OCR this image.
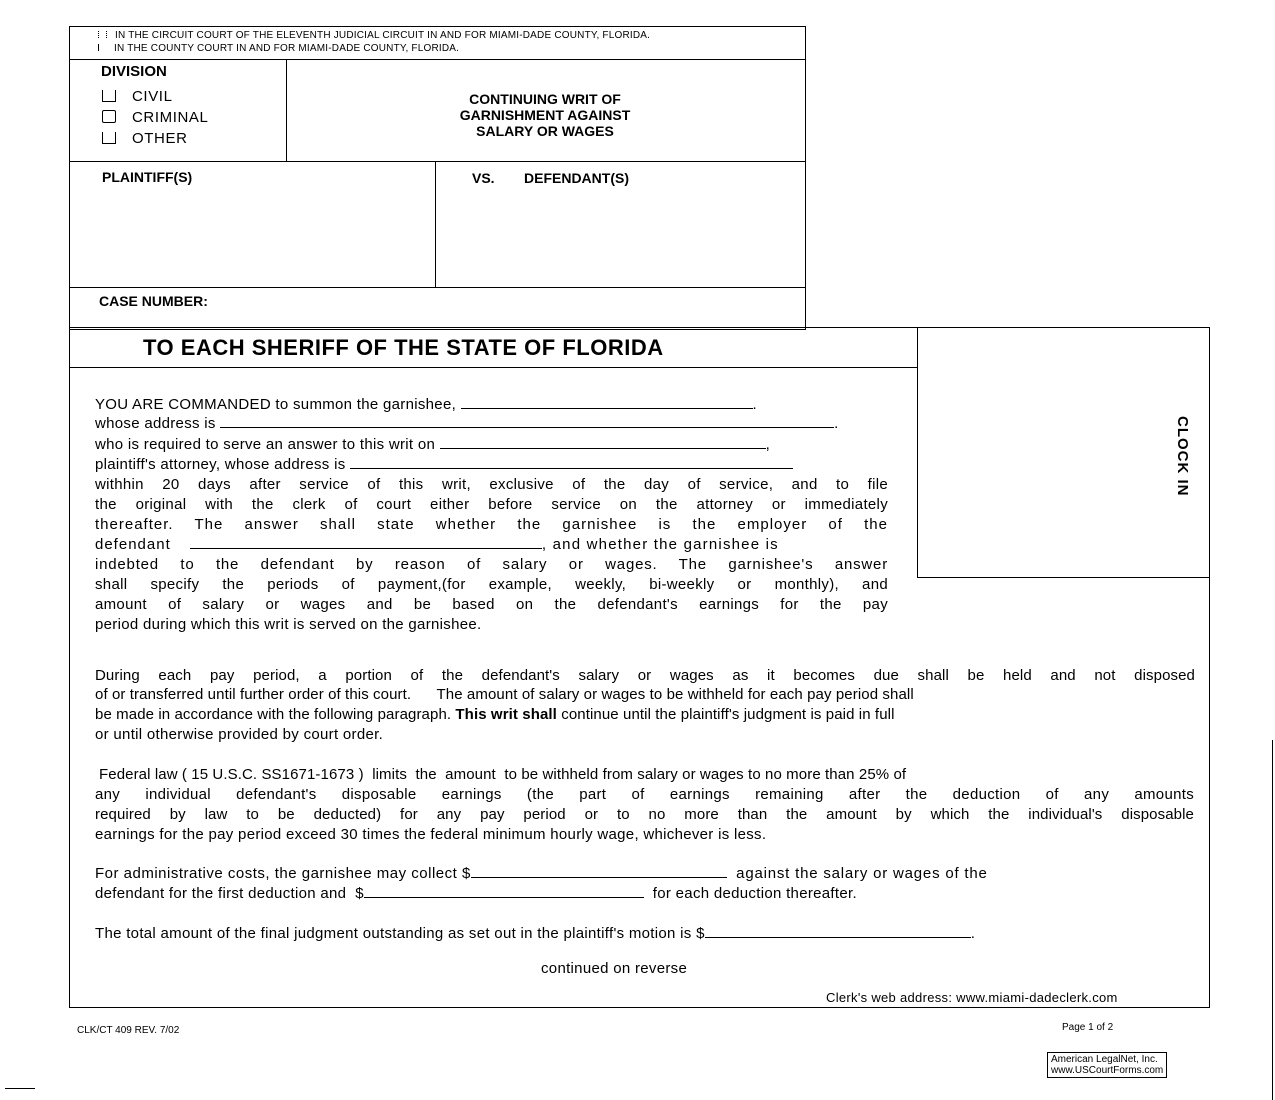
IN THE CIRCUIT COURT OF THE ELEVENTH JUDICIAL CIRCUIT IN AND FOR MIAMI-DADE COUNTY, FLORIDA.
IN THE COUNTY COURT IN AND FOR MIAMI-DADE COUNTY, FLORIDA.
DIVISION
CIVIL
CRIMINAL
OTHER
CONTINUING WRIT OF
GARNISHMENT AGAINST
SALARY OR WAGES
PLAINTIFF(S)	VS. DEFENDANT(S)
CASE NUMBER:
CLOCK IN
TO EACH SHERIFF OF THE STATE OF FLORIDA
YOU ARE COMMANDED to summon the garnishee,	.
whose address is	.
who is required to serve an answer to this writ on	,
plaintiff's attorney, whose address is
withhin 20 days after service of this writ, exclusive of the day of service, and to file
the original with the clerk of court either before service on the attorney or immediately
thereafter. The answer shall state whether the garnishee is the employer of the
defendant	, and whether the garnishee is
indebted to the defendant by reason of salary or wages. The garnishee's answer
shall specify the periods of payment,(for example, weekly, bi-weekly or monthly), and
amount of salary or wages and be based on the defendant's earnings for the pay
period during which this writ is served on the garnishee.
During each pay period, a portion of the defendant's salary or wages as it becomes due shall be held and not disposed
of or transferred until further order of this court.      The amount of salary or wages to be withheld for each pay period shall
be made in accordance with the following paragraph. This writ shall continue until the plaintiff's judgment is paid in full
or until otherwise provided by court order.
Federal law ( 15 U.S.C. SS1671-1673 )  limits  the  amount  to be withheld from salary or wages to no more than 25% of
any individual defendant's disposable earnings (the part of earnings remaining after the deduction of any amounts
required by law to be deducted) for any pay period or to no more than the amount by which the individual's disposable
earnings for the pay period exceed 30 times the federal minimum hourly wage, whichever is less.
For administrative costs, the garnishee may collect $	against the salary or wages of the
defendant for the first deduction and  $	for each deduction thereafter.
The total amount of the final judgment outstanding as set out in the plaintiff's motion is $	.
continued on reverse
Clerk's web address: www.miami-dadeclerk.com
CLK/CT 409 REV. 7/02	Page 1 of 2
American LegalNet, Inc.
www.USCourtForms.com
